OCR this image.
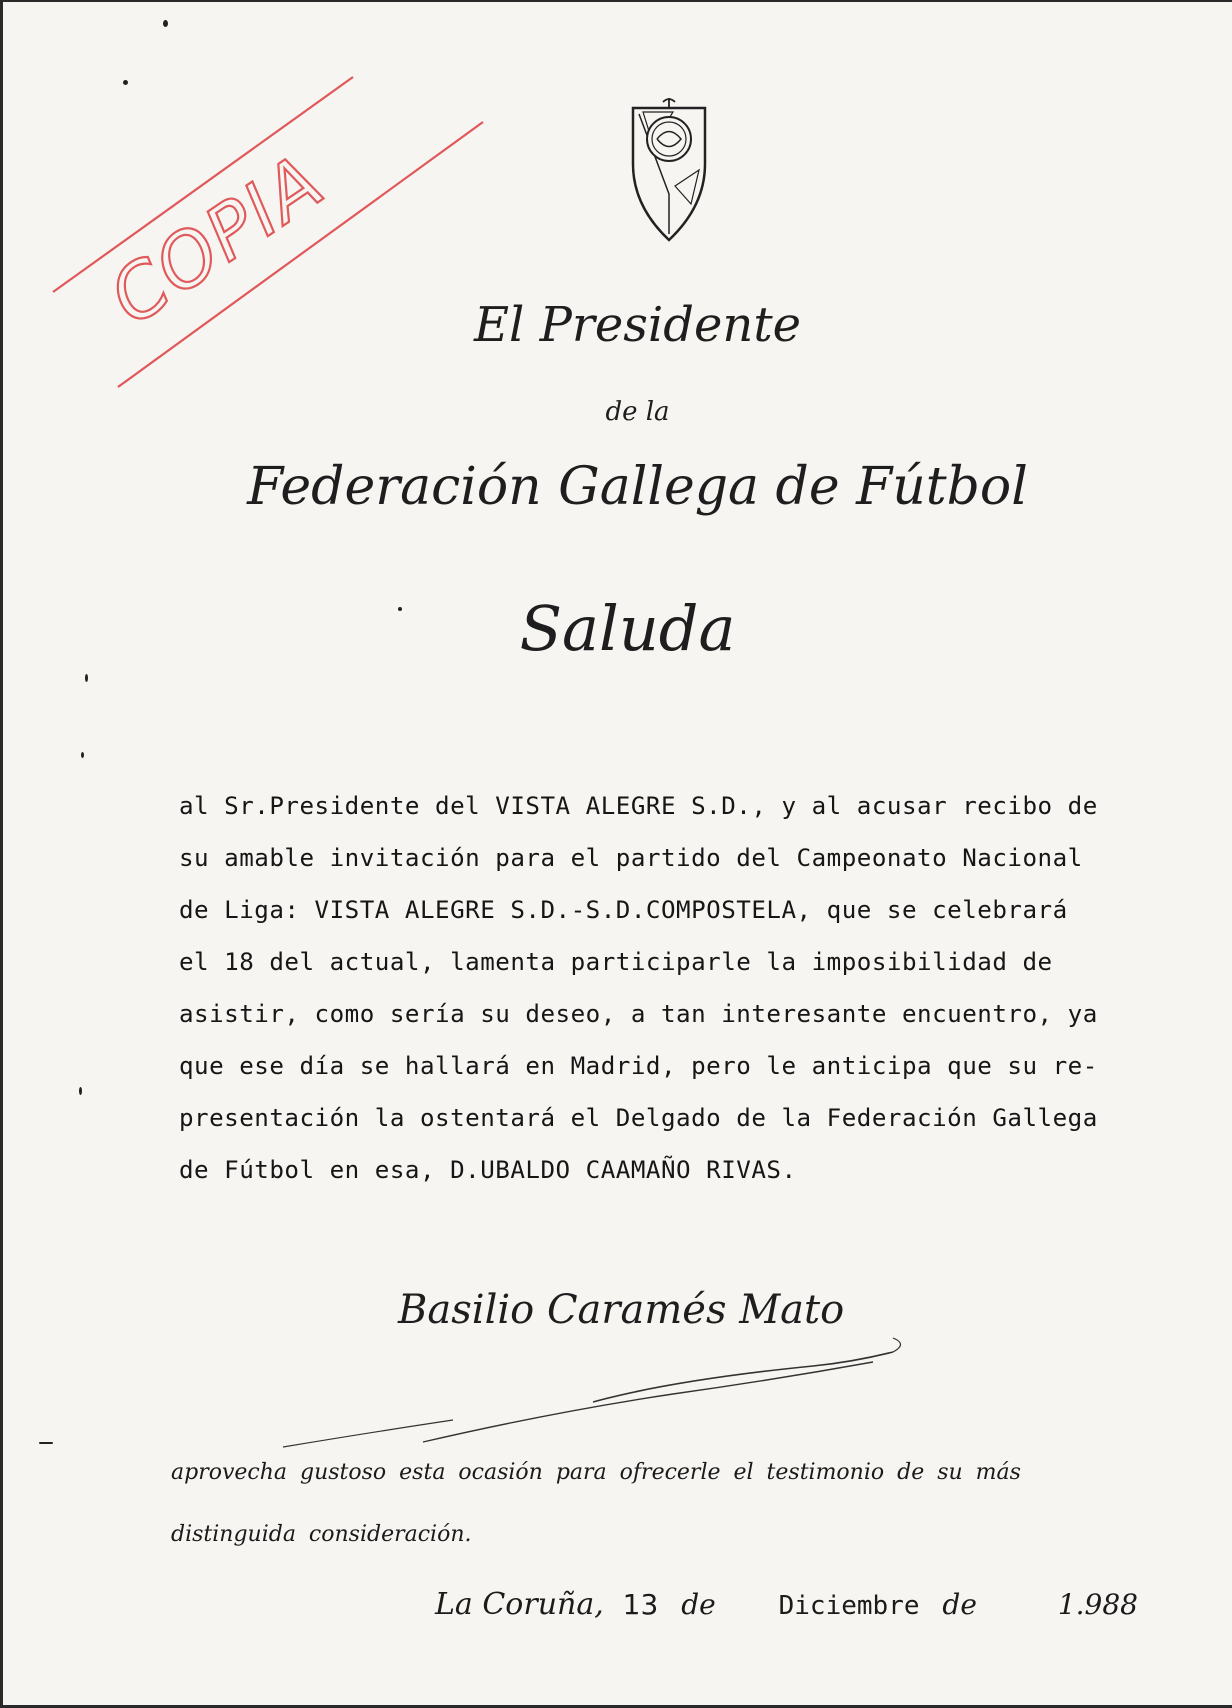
COPIA	El Presidente
de la
Federación Gallega de Fútbol
Saluda

al Sr.Presidente del VISTA ALEGRE S.D., y al acusar recibo de

su amable invitación para el partido del Campeonato Nacional

de Liga: VISTA ALEGRE S.D.-S.D.COMPOSTELA, que se celebrará

el 18 del actual, lamenta participarle la imposibilidad de

asistir, como sería su deseo, a tan interesante encuentro, ya

que ese día se hallará en Madrid, pero le anticipa que su re-

presentación la ostentará el Delgado de la Federación Gallega

de Fútbol en esa, D.UBALDO CAAMAÑO RIVAS.

Basilio Caramés Mato

aprovecha gustoso esta ocasión para ofrecerle el testimonio de su más

distinguida consideración.

La Coruña, 13 de Diciembre de	1.988
